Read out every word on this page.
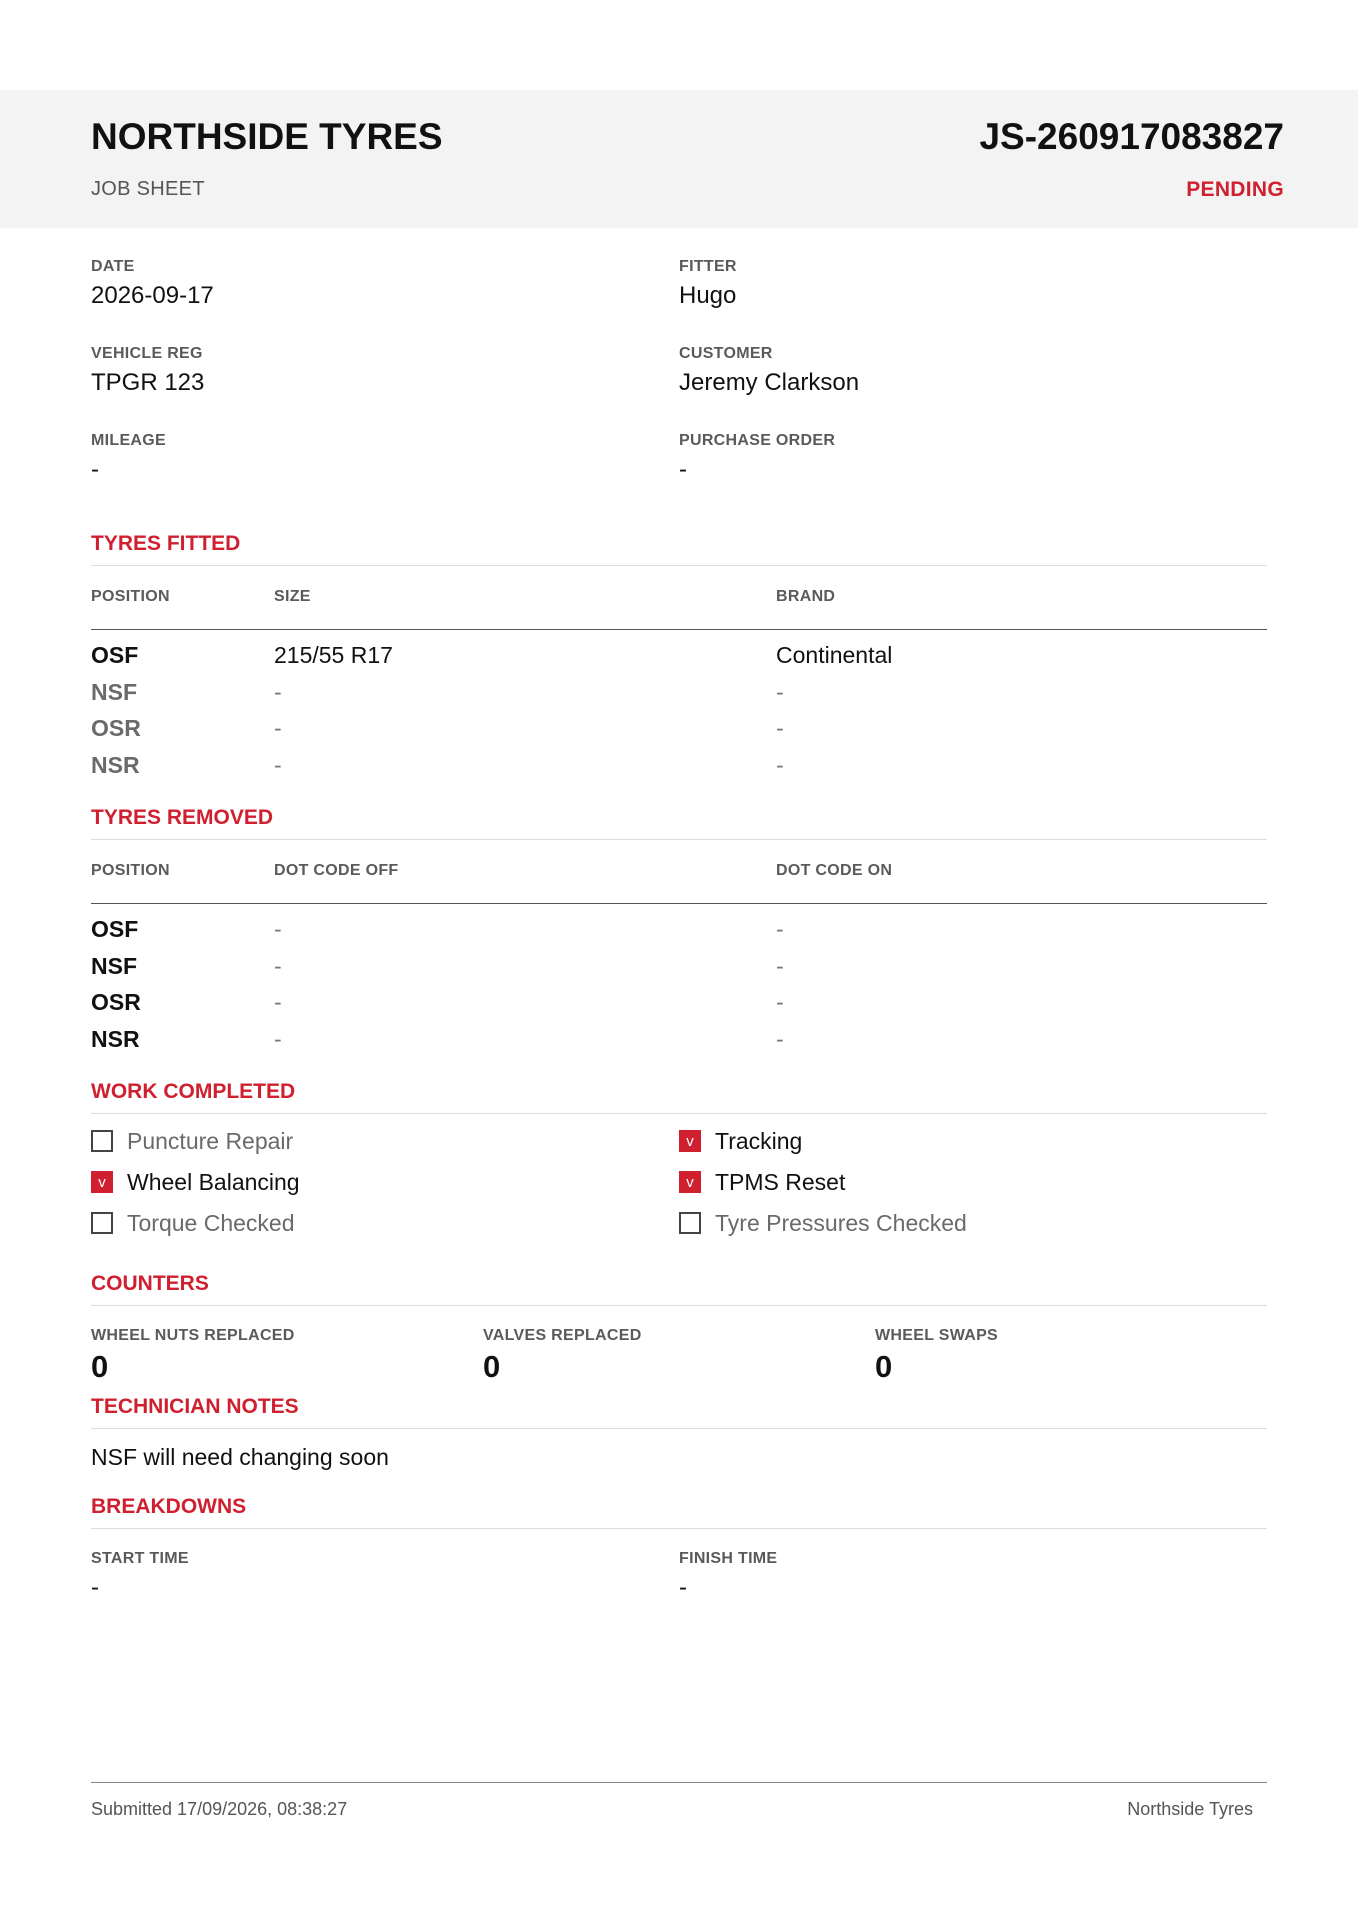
NORTHSIDE TYRES
JOB SHEET
JS-260917083827
PENDING
DATE
2026-09-17
FITTER
Hugo
VEHICLE REG
TPGR 123
CUSTOMER
Jeremy Clarkson
MILEAGE
-
PURCHASE ORDER
-
TYRES FITTED
POSITION	SIZE	BRAND
OSF	215/55 R17	Continental
NSF	-	-
OSR	-	-
NSR	-	-
TYRES REMOVED
POSITION	DOT CODE OFF	DOT CODE ON
OSF	-	-
NSF	-	-
OSR	-	-
NSR	-	-
WORK COMPLETED
Puncture Repair	v Tracking
v Wheel Balancing	v TPMS Reset
Torque Checked	Tyre Pressures Checked
COUNTERS
WHEEL NUTS REPLACED
0
VALVES REPLACED
0
WHEEL SWAPS
0
TECHNICIAN NOTES
NSF will need changing soon
BREAKDOWNS
START TIME
-
FINISH TIME
-
Submitted 17/09/2026, 08:38:27	Northside Tyres
